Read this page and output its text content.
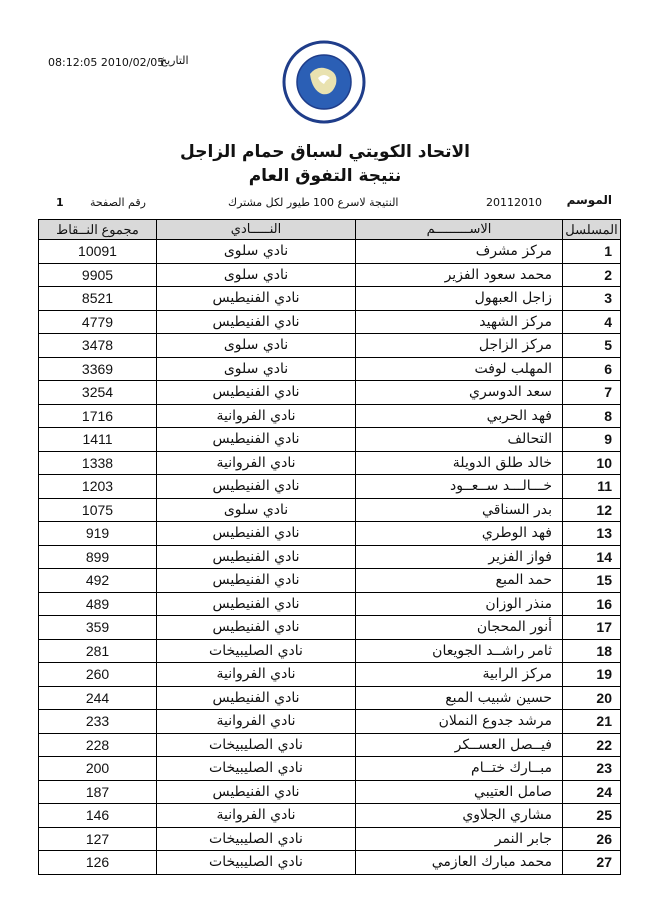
08:12:05 2010/02/05
التاريخ
الاتحاد الكويتي لسباق حمام الزاجل
نتيجة التفوق العام
الموسم
20112010
النتيجة لاسرع 100
طيور لكل مشترك
رقم الصفحة
1
مجموع النــقاط	النـــــادي	الاســـــــــم	المسلسل
10091	نادي سلوى	مركز مشرف	1
9905	نادي سلوى	محمد سعود الفزير	2
8521	نادي الفنيطيس	زاجل العبهول	3
4779	نادي الفنيطيس	مركز الشهيد	4
3478	نادي سلوى	مركز الزاجل	5
3369	نادي سلوى	المهلب لوفت	6
3254	نادي الفنيطيس	سعد الدوسري	7
1716	نادي الفروانية	فهد الحربي	8
1411	نادي الفنيطيس	التحالف	9
1338	نادي الفروانية	خالد طلق الدويلة	10
1203	نادي الفنيطيس	خـــالـــد ســعــود	11
1075	نادي سلوى	بدر السناقي	12
919	نادي الفنيطيس	فهد الوطري	13
899	نادي الفنيطيس	فواز الفزير	14
492	نادي الفنيطيس	حمد المبع	15
489	نادي الفنيطيس	منذر الوزان	16
359	نادي الفنيطيس	أنور المحجان	17
281	نادي الصليبيخات	ثامر راشــد الجويعان	18
260	نادي الفروانية	مركز الرابية	19
244	نادي الفنيطيس	حسين شبيب المبع	20
233	نادي الفروانية	مرشد جدوع النملان	21
228	نادي الصليبيخات	فيــصل العســكر	22
200	نادي الصليبيخات	مبــارك ختــام	23
187	نادي الفنيطيس	صامل العتيبي	24
146	نادي الفروانية	مشاري الجلاوي	25
127	نادي الصليبيخات	جابر النمر	26
126	نادي الصليبيخات	محمد مبارك العازمي	27
